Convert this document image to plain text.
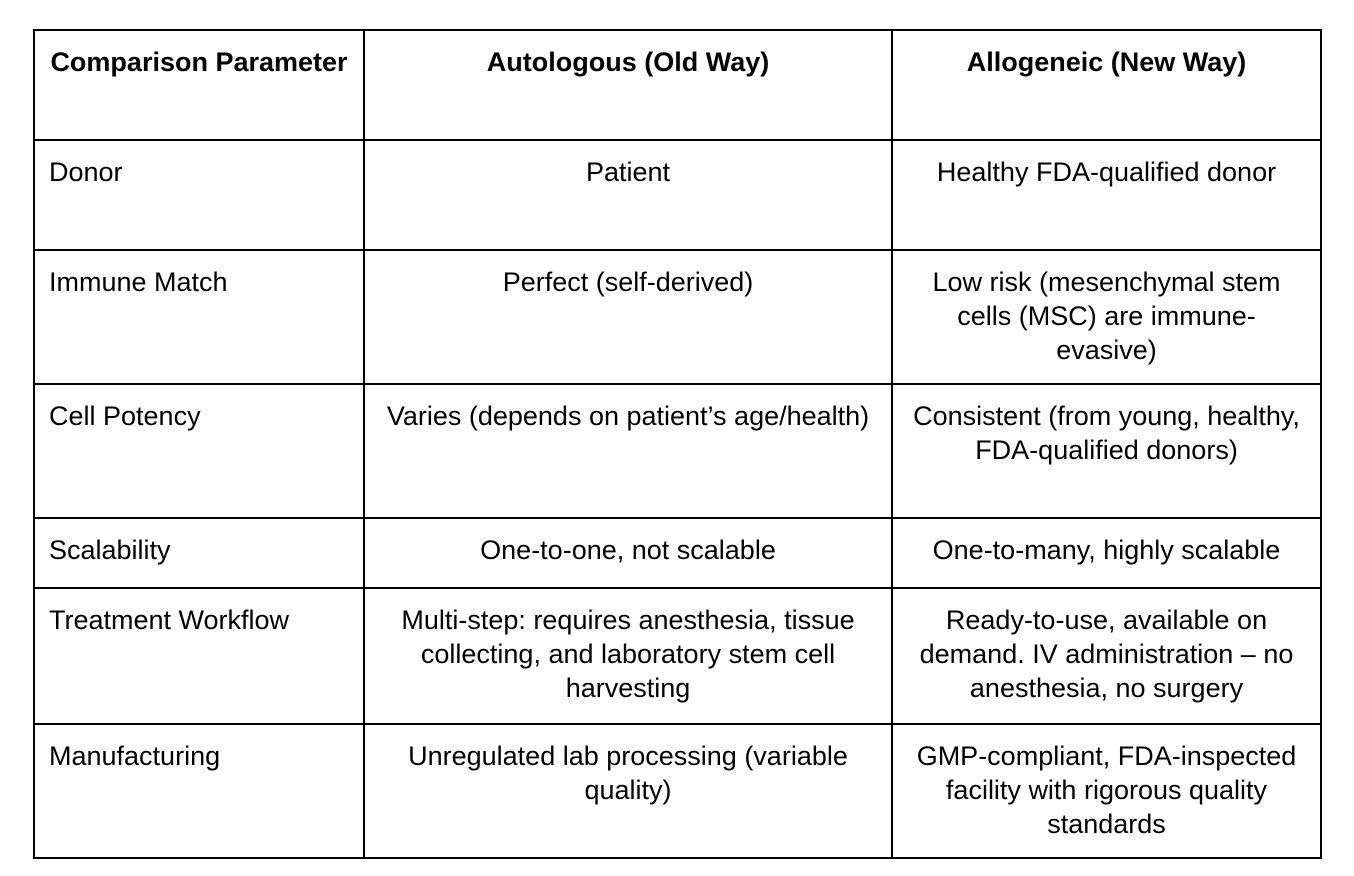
Comparison Parameter	Autologous (Old Way)	Allogeneic (New Way)
Donor	Patient	Healthy FDA-qualified donor
Immune Match	Perfect (self-derived)	Low risk (mesenchymal stem cells (MSC) are immune-evasive)
Cell Potency	Varies (depends on patient’s age/health)	Consistent (from young, healthy, FDA-qualified donors)
Scalability	One-to-one, not scalable	One-to-many, highly scalable
Treatment Workflow	Multi-step: requires anesthesia, tissue collecting, and laboratory stem cell harvesting	Ready-to-use, available on demand. IV administration – no anesthesia, no surgery
Manufacturing	Unregulated lab processing (variable quality)	GMP-compliant, FDA-inspected facility with rigorous quality standards
